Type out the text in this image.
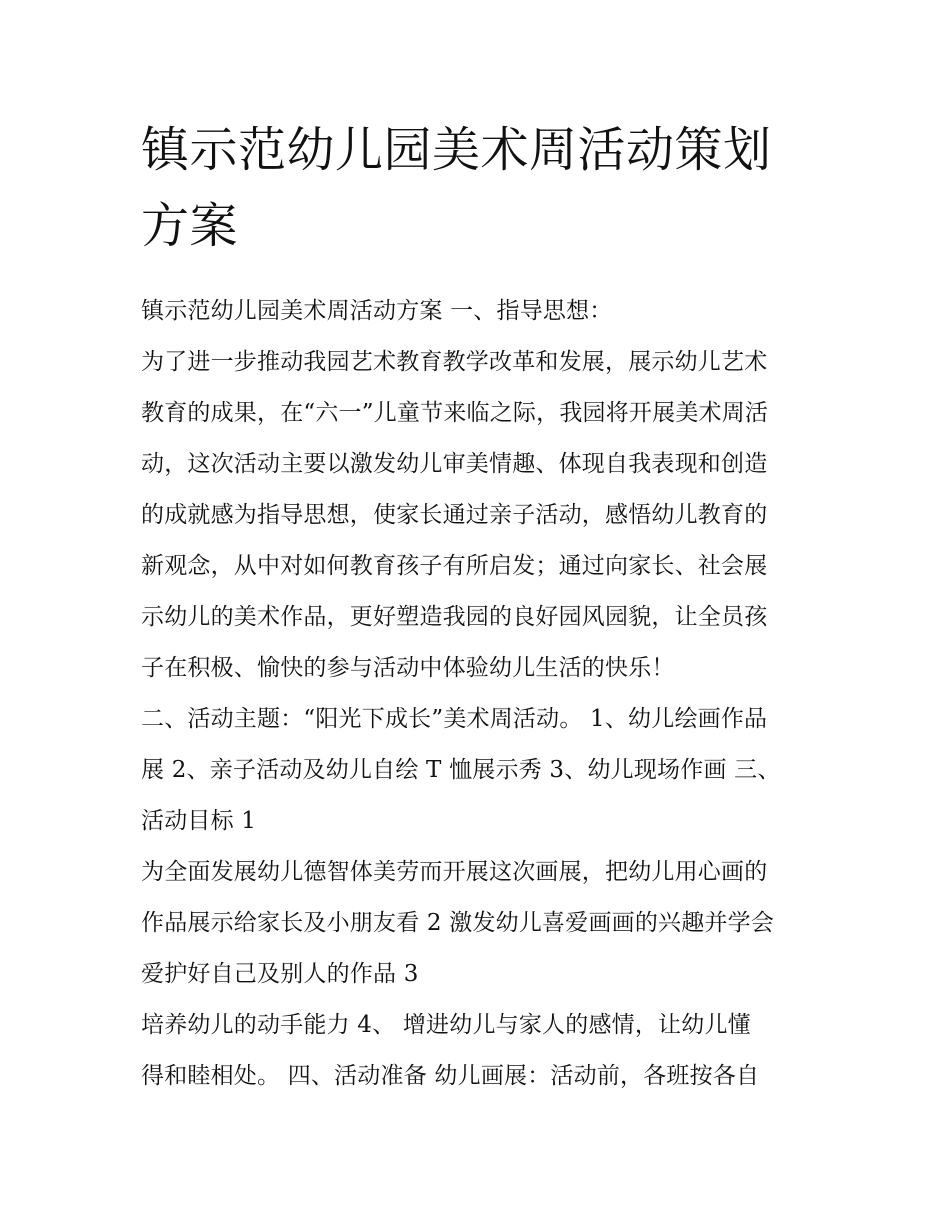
镇示范幼儿园美术周活动策划
方案

镇示范幼儿园美术周活动方案 一、指导思想：

为了进一步推动我园艺术教育教学改革和发展，展示幼儿艺术
教育的成果，在“六一”儿童节来临之际，我园将开展美术周活
动，这次活动主要以激发幼儿审美情趣、体现自我表现和创造
的成就感为指导思想，使家长通过亲子活动，感悟幼儿教育的
新观念，从中对如何教育孩子有所启发；通过向家长、社会展
示幼儿的美术作品，更好塑造我园的良好园风园貌，让全员孩
子在积极、愉快的参与活动中体验幼儿生活的快乐！

二、活动主题：“阳光下成长”美术周活动。 1、幼儿绘画作品
展 2、亲子活动及幼儿自绘 T 恤展示秀 3、幼儿现场作画 三、
活动目标 1

为全面发展幼儿德智体美劳而开展这次画展，把幼儿用心画的
作品展示给家长及小朋友看 2 激发幼儿喜爱画画的兴趣并学会
爱护好自己及别人的作品 3

培养幼儿的动手能力 4、 增进幼儿与家人的感情，让幼儿懂
得和睦相处。 四、活动准备 幼儿画展：活动前，各班按各自
